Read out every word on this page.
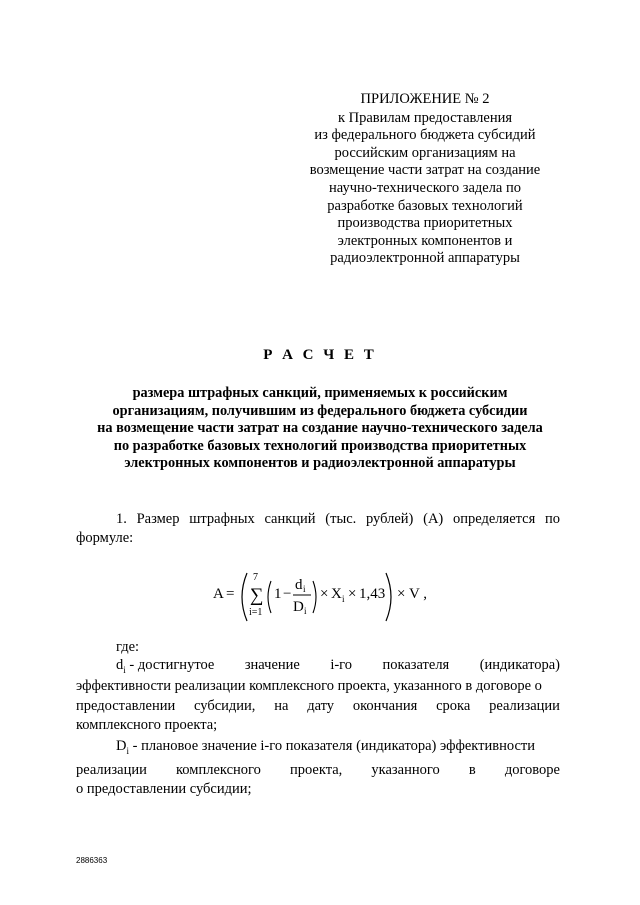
ПРИЛОЖЕНИЕ № 2
к Правилам предоставления
из федерального бюджета субсидий
российским организациям на
возмещение части затрат на создание
научно-технического задела по
разработке базовых технологий
производства приоритетных
электронных компонентов и
радиоэлектронной аппаратуры
Р А С Ч Е Т
размера штрафных санкций, применяемых к российским
организациям, получившим из федерального бюджета субсидии
на возмещение части затрат на создание научно-технического задела
по разработке базовых технологий производства приоритетных
электронных компонентов и радиоэлектронной аппаратуры
1. Размер штрафных санкций (тыс. рублей) (А) определяется по
формуле:
A =
7
∑
i=1
1 −
d i
D i
× X i × 1,43 × V ,
где:
$d_i$ - достигнутое значение i-го показателя (индикатора)
эффективности реализации комплексного проекта, указанного в договоре о
предоставлении субсидии, на дату окончания срока реализации
комплексного проекта;
$D_i$ - плановое значение i-го показателя (индикатора) эффективности
реализации комплексного проекта, указанного в договоре
о предоставлении субсидии;
2886363
